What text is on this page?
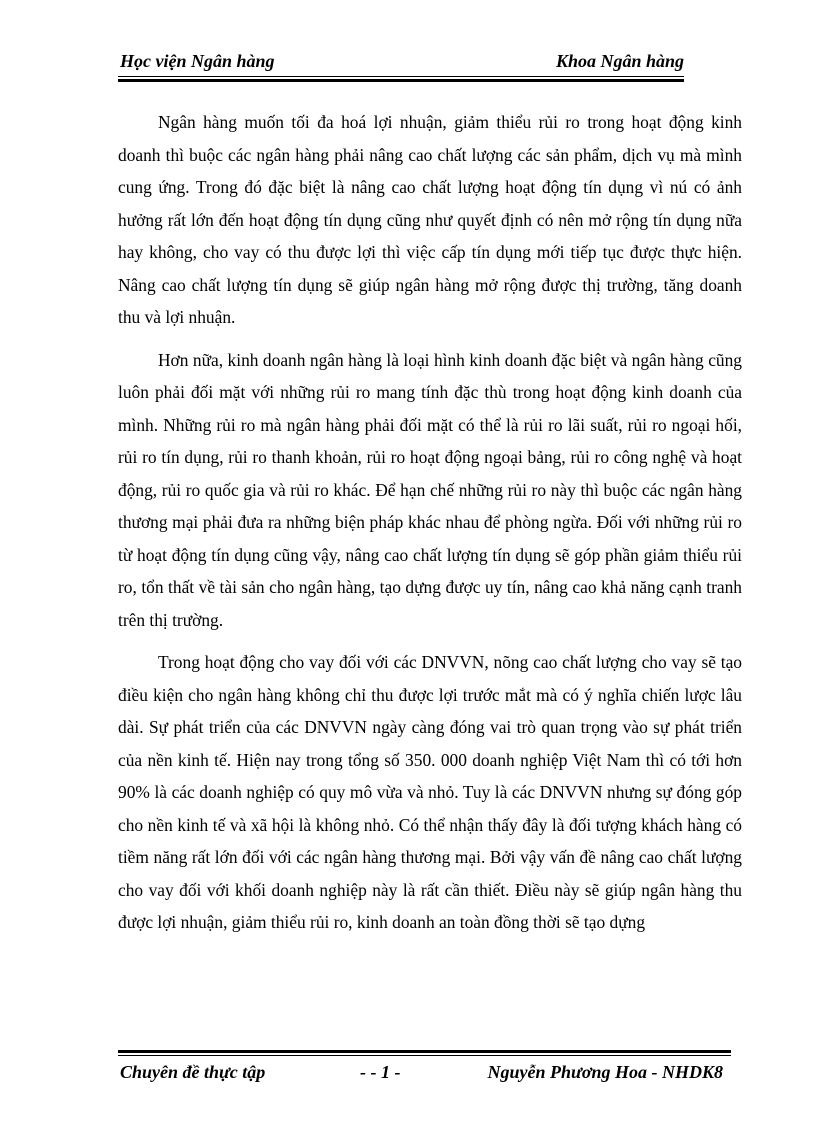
Học viện Ngân hàng	Khoa Ngân hàng

Ngân hàng muốn tối đa hoá lợi nhuận, giảm thiểu rủi ro trong hoạt động kinh doanh thì buộc các ngân hàng phải nâng cao chất lượng các sản phẩm, dịch vụ mà mình cung ứng. Trong đó đặc biệt là nâng cao chất lượng hoạt động tín dụng vì nú có ảnh hưởng rất lớn đến hoạt động tín dụng cũng như quyết định có nên mở rộng tín dụng nữa hay không, cho vay có thu được lợi thì việc cấp tín dụng mới tiếp tục được thực hiện. Nâng cao chất lượng tín dụng sẽ giúp ngân hàng mở rộng được thị trường, tăng doanh thu và lợi nhuận.

Hơn nữa, kinh doanh ngân hàng là loại hình kinh doanh đặc biệt và ngân hàng cũng luôn phải đối mặt với những rủi ro mang tính đặc thù trong hoạt động kinh doanh của mình. Những rủi ro mà ngân hàng phải đối mặt có thể là rủi ro lãi suất, rủi ro ngoại hối, rủi ro tín dụng, rủi ro thanh khoản, rủi ro hoạt động ngoại bảng, rủi ro công nghệ và hoạt động, rủi ro quốc gia và rủi ro khác. Để hạn chế những rủi ro này thì buộc các ngân hàng thương mại phải đưa ra những biện pháp khác nhau để phòng ngừa. Đối với những rủi ro từ hoạt động tín dụng cũng vậy, nâng cao chất lượng tín dụng sẽ góp phần giảm thiểu rủi ro, tổn thất về tài sản cho ngân hàng, tạo dựng được uy tín, nâng cao khả năng cạnh tranh trên thị trường.

Trong hoạt động cho vay đối với các DNVVN, nõng cao chất lượng cho vay sẽ tạo điều kiện cho ngân hàng không chỉ thu được lợi trước mắt mà có ý nghĩa chiến lược lâu dài. Sự phát triển của các DNVVN ngày càng đóng vai trò quan trọng vào sự phát triển của nền kinh tế. Hiện nay trong tổng số 350. 000 doanh nghiệp Việt Nam thì có tới hơn 90% là các doanh nghiệp có quy mô vừa và nhỏ. Tuy là các DNVVN nhưng sự đóng góp cho nền kinh tế và xã hội là không nhỏ. Có thể nhận thấy đây là đối tượng khách hàng có tiềm năng rất lớn đối với các ngân hàng thương mại. Bởi vậy vấn đề nâng cao chất lượng cho vay đối với khối doanh nghiệp này là rất cần thiết. Điều này sẽ giúp ngân hàng thu được lợi nhuận, giảm thiểu rủi ro, kinh doanh an toàn đồng thời sẽ tạo dựng

Chuyên đề thực tập	- - 1 -	Nguyễn Phương Hoa - NHDK8
